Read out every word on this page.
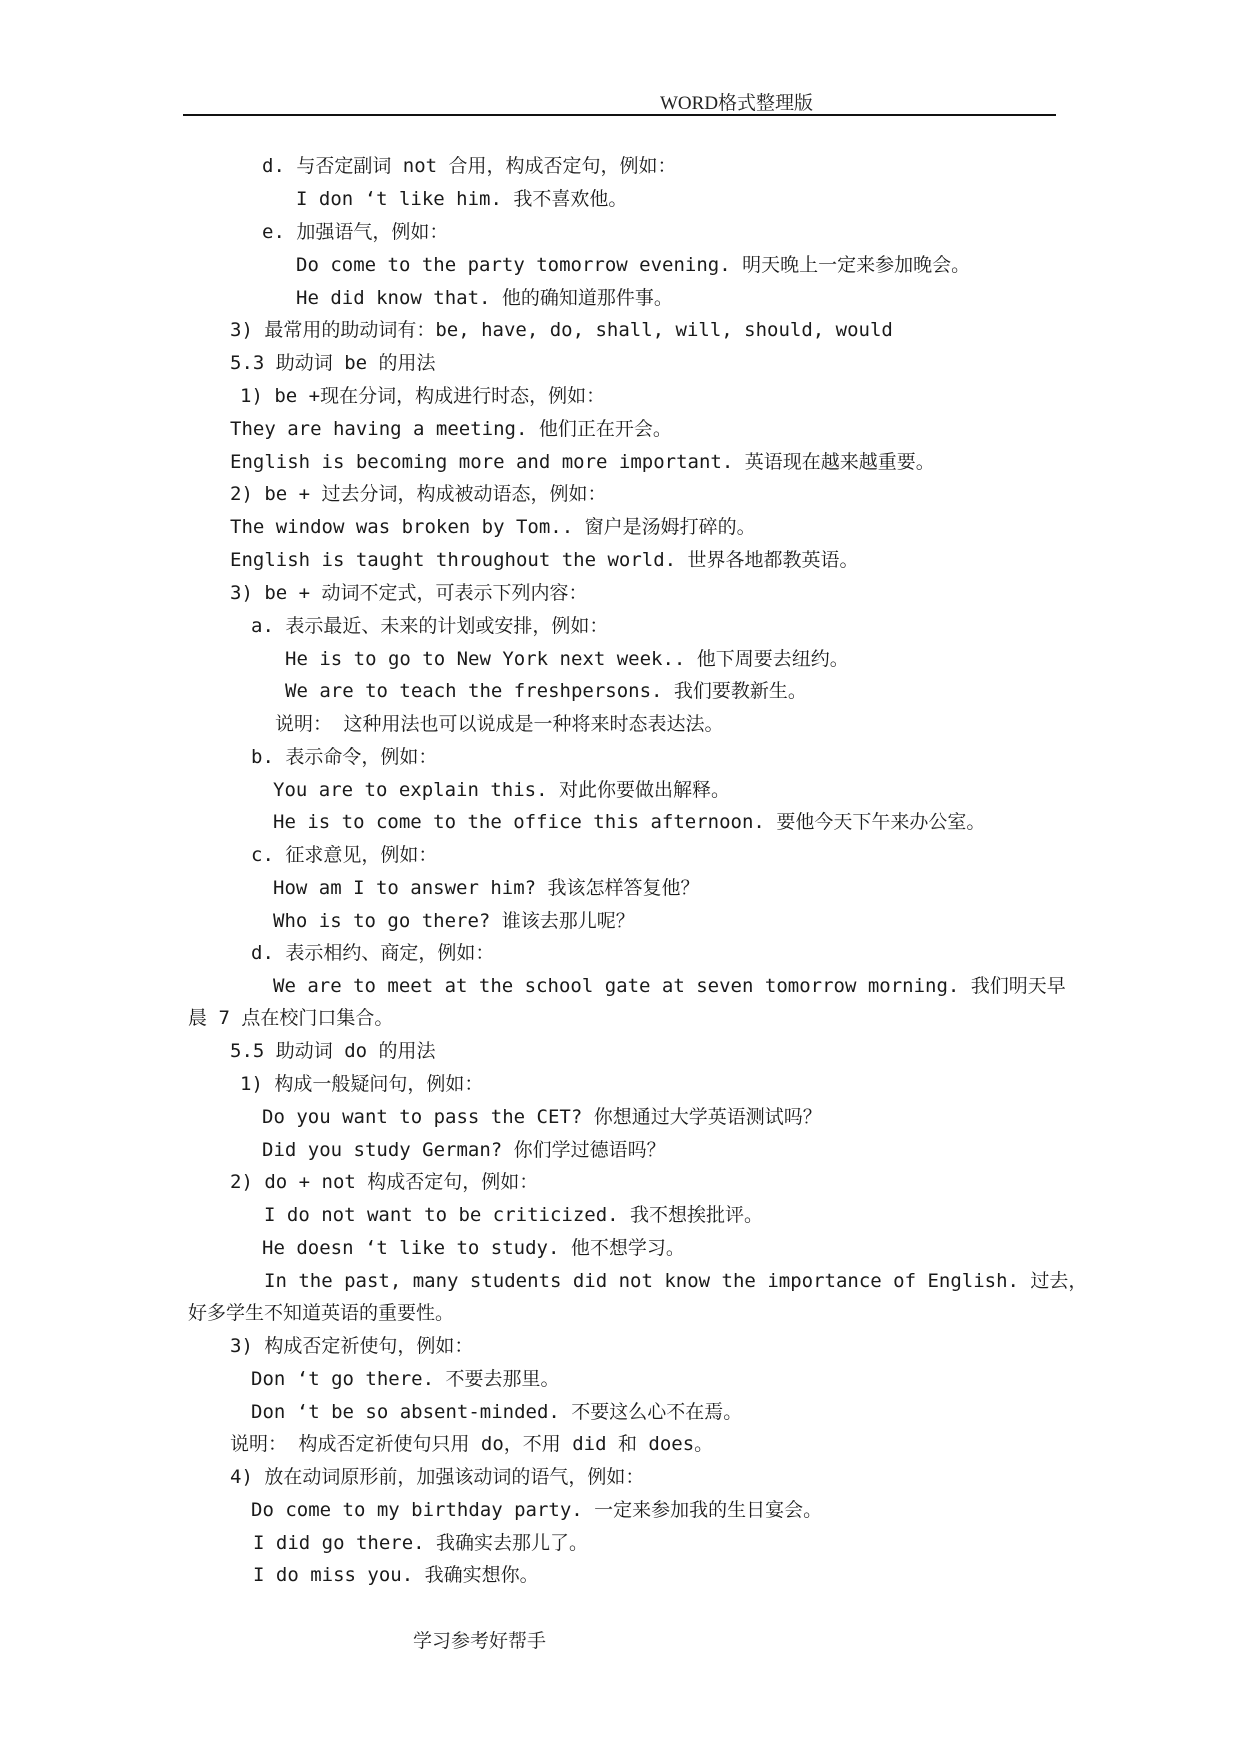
WORD格式整理版
d. 与否定副词 not 合用，构成否定句，例如：
I don ‘t like him. 我不喜欢他。
e. 加强语气，例如：
Do come to the party tomorrow evening. 明天晚上一定来参加晚会。
He did know that. 他的确知道那件事。
3) 最常用的助动词有：be, have, do, shall, will, should, would
5.3 助动词 be 的用法
1) be +现在分词，构成进行时态，例如：
They are having a meeting. 他们正在开会。
English is becoming more and more important. 英语现在越来越重要。
2) be + 过去分词，构成被动语态，例如：
The window was broken by Tom.. 窗户是汤姆打碎的。
English is taught throughout the world. 世界各地都教英语。
3) be + 动词不定式，可表示下列内容：
a. 表示最近、未来的计划或安排，例如：
He is to go to New York next week.. 他下周要去纽约。
We are to teach the freshpersons. 我们要教新生。
说明： 这种用法也可以说成是一种将来时态表达法。
b. 表示命令，例如：
You are to explain this. 对此你要做出解释。
He is to come to the office this afternoon. 要他今天下午来办公室。
c. 征求意见，例如：
How am I to answer him? 我该怎样答复他？
Who is to go there? 谁该去那儿呢？
d. 表示相约、商定，例如：
We are to meet at the school gate at seven tomorrow morning. 我们明天早
晨 7 点在校门口集合。
5.5 助动词 do 的用法
1) 构成一般疑问句，例如：
Do you want to pass the CET? 你想通过大学英语测试吗？
Did you study German? 你们学过德语吗？
2) do + not 构成否定句，例如：
I do not want to be criticized. 我不想挨批评。
He doesn ‘t like to study. 他不想学习。
In the past, many students did not know the importance of English. 过去，
好多学生不知道英语的重要性。
3) 构成否定祈使句，例如：
Don ‘t go there. 不要去那里。
Don ‘t be so absent-minded. 不要这么心不在焉。
说明： 构成否定祈使句只用 do，不用 did 和 does。
4) 放在动词原形前，加强该动词的语气，例如：
Do come to my birthday party. 一定来参加我的生日宴会。
I did go there. 我确实去那儿了。
I do miss you. 我确实想你。
学习参考好帮手
